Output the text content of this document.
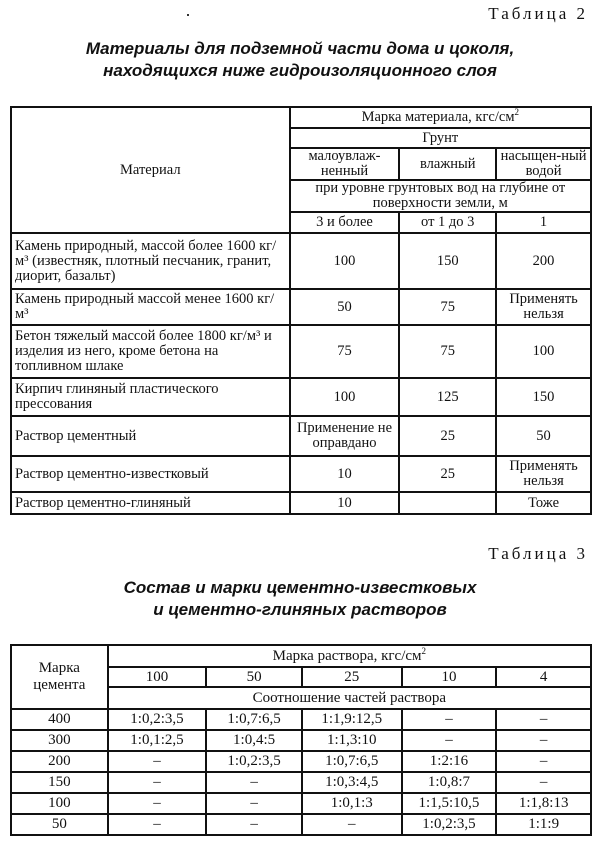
Таблица 2
Материалы для подземной части дома и цоколя,
находящихся ниже гидроизоляционного слоя
Материал	Марка материала, кгс/$см^2$
	Грунт		
	малоувлаж-ненный	влажный	насыщен-ный водой
	при уровне грунтовых вод на глубине от поверхности земли, м		
	3 и более	от 1 до 3	1
Камень природный, массой более 1600 кг/м³ (известняк, плотный песчаник, гранит, диорит, базальт)	100	150	200
Камень природный массой менее 1600 кг/м³	50	75	Применять нельзя
Бетон тяжелый массой более 1800 кг/м³ и изделия из него, кроме бетона на топливном шлаке	75	75	100
Кирпич глиняный пластического прессования	100	125	150
Раствор цементный	Применение не оправдано	25	50
Раствор цементно-известковый	10	25	Применять нельзя
Раствор цементно-глиняный	10		Тоже
Таблица 3
Состав и марки цементно-известковых
и цементно-глиняных растворов
Марка цемента	Марка раствора, кгс/$см^2$
	100	50	25	10	4
	Соотношение частей раствора				
400	1:0,2:3,5	1:0,7:6,5	1:1,9:12,5	–	–
300	1:0,1:2,5	1:0,4:5	1:1,3:10	–	–
200	–	1:0,2:3,5	1:0,7:6,5	1:2:16	–
150	–	–	1:0,3:4,5	1:0,8:7	–
100	–	–	1:0,1:3	1:1,5:10,5	1:1,8:13
50	–	–	–	1:0,2:3,5	1:1:9
